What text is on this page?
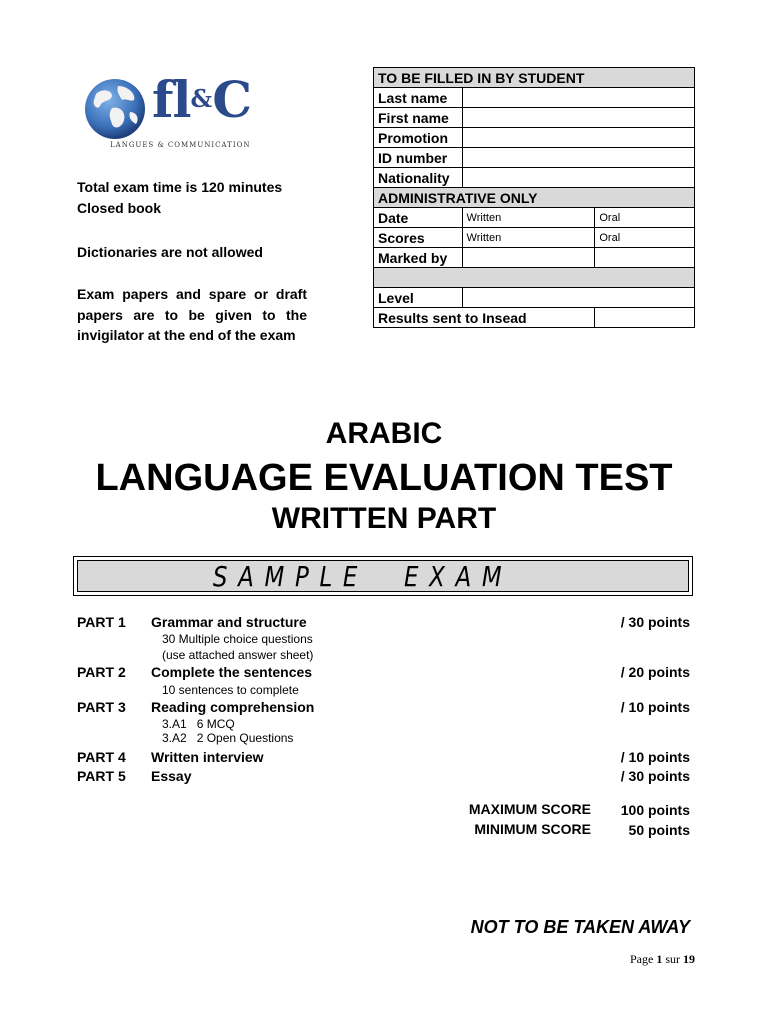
fl&C
LANGUES & COMMUNICATION
Total exam time is 120 minutes
Closed book
Dictionaries are not allowed
Exam papers and spare or draft papers are to be given to the invigilator at the end of the exam
TO BE FILLED IN BY STUDENT		
Last name		
First name		
Promotion		
ID number		
Nationality		
ADMINISTRATIVE ONLY		
Date	Written	Oral
Scores	Written	Oral
Marked by		

Level		
Results sent to Insead		
ARABIC
LANGUAGE EVALUATION TEST
WRITTEN PART
SAMPLE  EXAM
PART 1 Grammar and structure	/ 30 points
30 Multiple choice questions
(use attached answer sheet)
PART 2 Complete the sentences	/ 20 points
10 sentences to complete
PART 3 Reading comprehension	/ 10 points
3.A1   6 MCQ
3.A2   2 Open Questions
PART 4 Written interview	/ 10 points
PART 5 Essay	/ 30 points
MAXIMUM SCORE 100 points
MINIMUM SCORE	50 points
NOT TO BE TAKEN AWAY
Page 1 sur 19
